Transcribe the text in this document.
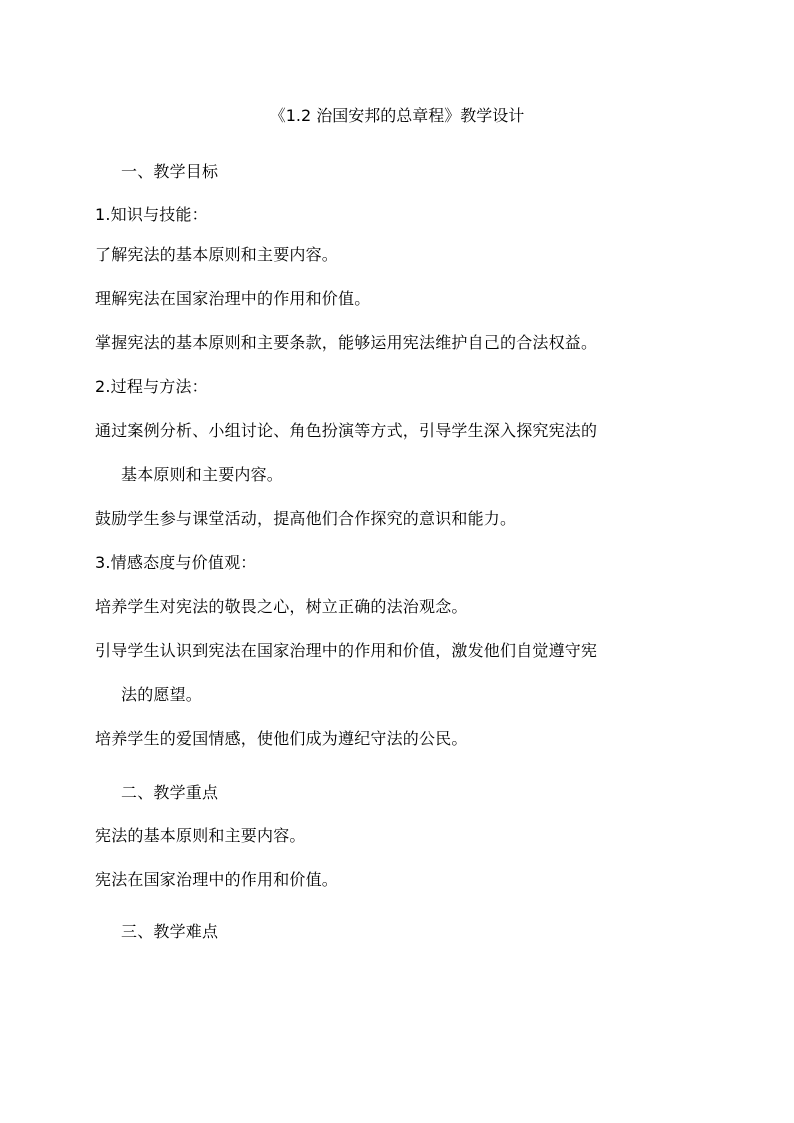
《1.2 治国安邦的总章程》教学设计
一、教学目标
1.知识与技能：
了解宪法的基本原则和主要内容。
理解宪法在国家治理中的作用和价值。
掌握宪法的基本原则和主要条款，能够运用宪法维护自己的合法权益。
2.过程与方法：
通过案例分析、小组讨论、角色扮演等方式，引导学生深入探究宪法的
基本原则和主要内容。
鼓励学生参与课堂活动，提高他们合作探究的意识和能力。
3.情感态度与价值观：
培养学生对宪法的敬畏之心，树立正确的法治观念。
引导学生认识到宪法在国家治理中的作用和价值，激发他们自觉遵守宪
法的愿望。
培养学生的爱国情感，使他们成为遵纪守法的公民。
二、教学重点
宪法的基本原则和主要内容。
宪法在国家治理中的作用和价值。
三、教学难点
